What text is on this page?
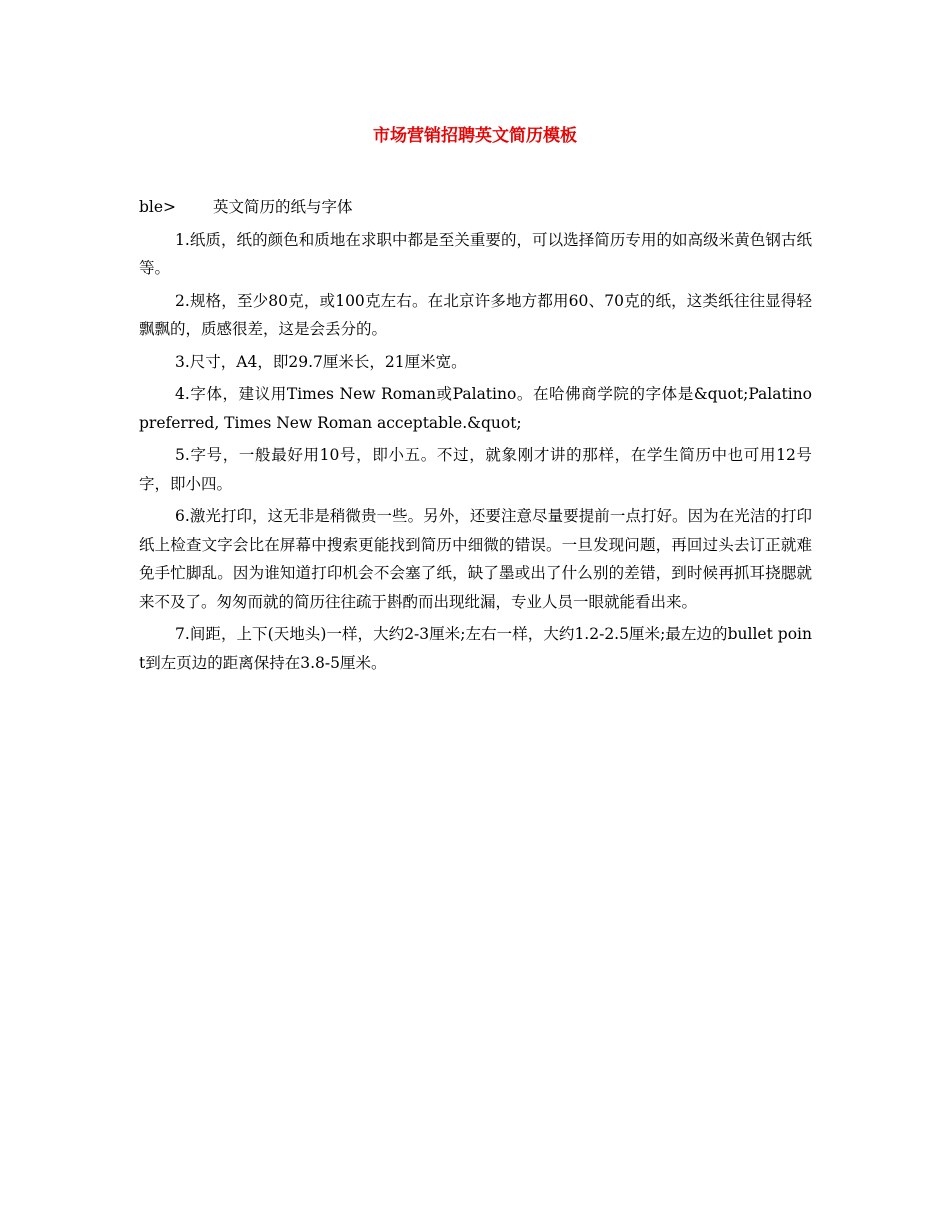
市场营销招聘英文简历模板
ble> 英文简历的纸与字体

1.纸质，纸的颜色和质地在求职中都是至关重要的，可以选择简历专用的如高级米黄色钢古纸等。

2.规格，至少80克，或100克左右。在北京许多地方都用60、70克的纸，这类纸往往显得轻飘飘的，质感很差，这是会丢分的。

3.尺寸，A4，即29.7厘米长，21厘米宽。

4.字体，建议用Times New Roman或Palatino。在哈佛商学院的字体是&quot;Palatino preferred, Times New Roman acceptable.&quot;

5.字号，一般最好用10号，即小五。不过，就象刚才讲的那样，在学生简历中也可用12号字，即小四。

6.激光打印，这无非是稍微贵一些。另外，还要注意尽量要提前一点打好。因为在光洁的打印纸上检查文字会比在屏幕中搜索更能找到简历中细微的错误。一旦发现问题，再回过头去订正就难免手忙脚乱。因为谁知道打印机会不会塞了纸，缺了墨或出了什么别的差错，到时候再抓耳挠腮就来不及了。匆匆而就的简历往往疏于斟酌而出现纰漏，专业人员一眼就能看出来。

7.间距，上下(天地头)一样，大约2-3厘米;左右一样，大约1.2-2.5厘米;最左边的bullet point到左页边的距离保持在3.8-5厘米。
